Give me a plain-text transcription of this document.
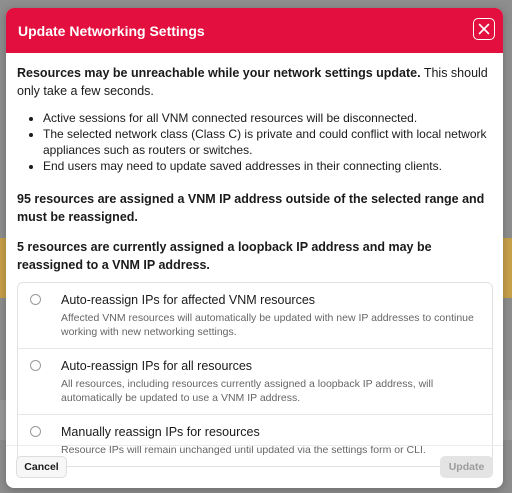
Update Networking Settings
Resources may be unreachable while your network settings update. This should only take a few seconds.
• Active sessions for all VNM connected resources will be disconnected.
• The selected network class (Class C) is private and could conflict with local network appliances such as routers or switches.
• End users may need to update saved addresses in their connecting clients.
95 resources are assigned a VNM IP address outside of the selected range and must be reassigned.
5 resources are currently assigned a loopback IP address and may be reassigned to a VNM IP address.
Auto-reassign IPs for affected VNM resources
Affected VNM resources will automatically be updated with new IP addresses to continue working with new networking settings.
Auto-reassign IPs for all resources
All resources, including resources currently assigned a loopback IP address, will automatically be updated to use a VNM IP address.
Manually reassign IPs for resources
Resource IPs will remain unchanged until updated via the settings form or CLI.
Cancel	Update
